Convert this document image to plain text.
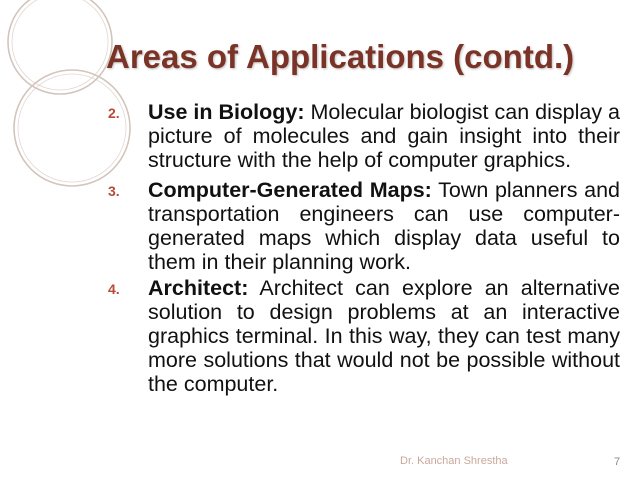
Areas of Applications (contd.)
2. Use in Biology: Molecular biologist can display a picture of molecules and gain insight into their structure with the help of computer graphics.
3. Computer-Generated Maps: Town planners and transportation engineers can use computer-generated maps which display data useful to them in their planning work.
4. Architect: Architect can explore an alternative solution to design problems at an interactive graphics terminal. In this way, they can test many more solutions that would not be possible without the computer.
Dr. Kanchan Shrestha	7
